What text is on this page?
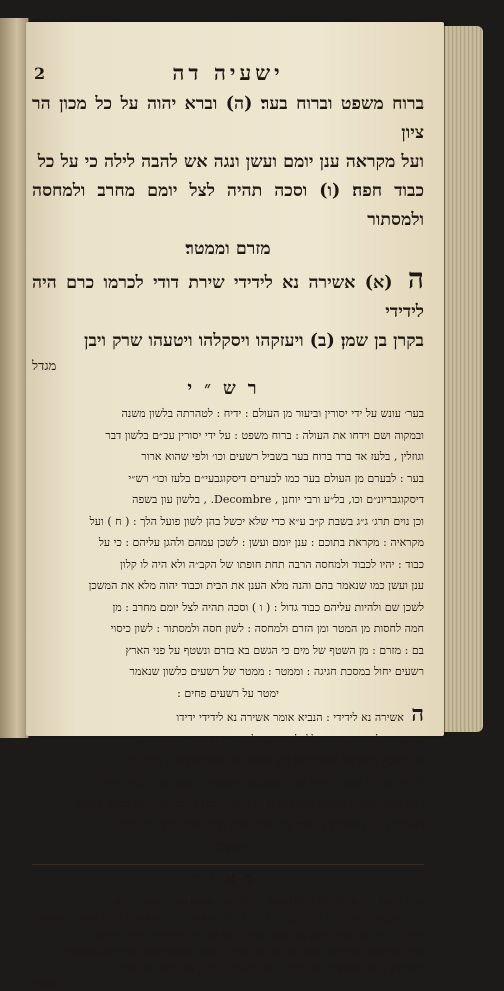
ישעיה דה
2
ברוח משפט וברוח בער׃ (ה) וברא יהוה על כל מכון הר ציון
ועל מקראה ענן יומם ועשן ונגה אש להבה לילה כי על כל
כבוד חפה׃ (ו) וסכה תהיה לצל יומם מחרב ולמחסה ולמסתור
מזרם וממטר׃
ה (א) אשירה נא לידידי שירת דודי לכרמו כרם היה לידידי
בקרן בן שמן׃ (ב) ויעזקהו ויסקלהו ויטעהו שרק ויבן
מגדל
רש״י
בער׳ עונש על ידי יסורין וביעור מן העולם : ידיח : לטהרתה בלשון משנה
ובמקוה ושם וידחו את העולה : ברוח משפט : על ידי יסורין עכ״ם בלשון דבר
וגוזלין , בלעז אד ברד ברוח בער בשביל רשעים וכו׳ ולפי שהוא ארור
בער : לבערם מן העולם בער כמו לבערים דיסקוגבעי״ם בלעז וכו״ רש״י
דיסקוגבריונ״ם וכו, בל״ע ורבי יוחנן , Decombre. , בלשון עון בשפה
וכן נוים תרג׳ ג״ג בשבת ק״ב ע״א כדי שלא יכשל בהן לשון פועל הלך : ( ח ) ועל
מקראיה : מקראת בתוכם : ענן יומם ועשן : לשכן עמהם ולהגן עליהם : כי על
כבוד : יהיו לכבוד ולמחסה הרבה תחת חופתו של הקב״ה ולא היה לו קלון
ענן ועשן כמו שנאמר בהם והנה מלא הענן את הבית וכבוד יהוה מלא את המשכן
לשכן שם ולהיות עליהם כבוד גדול : ( ו ) וסכה תהיה לצל יומם מחרב : מן
חמה לחסות מן המטר ומן הזרם ולמחסה : לשון חסה ולמסתור : לשון כיסוי
בם : מזרם : מן השטף של מים כי הגשם בא בזרם ונשטף על פני הארץ
רשעים יחול במסכת חגיגה : וממטר : ממטר של רשעים כלשון שנאמר
ימטר על רשעים פחים :
ה אשירה נא לידידי : הנביא אומר אשירה נא לידידי ידידו
ונתקומו ובליתורו במו כי כללו לכם בשמולכם : שירת דודי : יהי זו חסר
שר בשביל כרמו על עסקי כרמו כמו ותתלו הגני מקום לחתלו : כרם היה
לידידי בקרן בן שמן : בזויות בארץ מקום פרות שמנים כשמן טוב : בקרן : זוית
ראוי לשמן לזיתים לעשות שמן כמו בן מות ראוי למות והדבר הזה היה נמשל שנאמר
ויעזקהו : ( ב ) ויעזקהו : סיגהו וגדר סביב אותו הכרם ויבן מגדל ויקב חצב :
ויסקלהו
באור
אחרי (ויחנו) , רק על תקיפות השוק (וממן) : רהטו . עבר במקום עתיד , ובמורה רבים ,
בדברי הנבואה כנודע . (ה׳) , ופנים כבודה ( ר״ל׳ ) , ולכן קראוה נח , רק הוא עתיד מרכב (פתורום קאפפאם
דיסים ) , ויהיו יגונו תחיל בלשון עבר מספר הקדש , כמו אשר הלזית (ירמיה ת״פ) , והידוע
ובכל המקרא הזה ענין לסדר חכמה של עבר אל העתיד , ועתה : אם בכל ובכל תתוך ושפט מתמתת
בשמו ציון , אשר תמצא לו ויתן הגבורה , והנה לא יהיה בכולן , אשר נשפך בידו כלל
נשמרת
